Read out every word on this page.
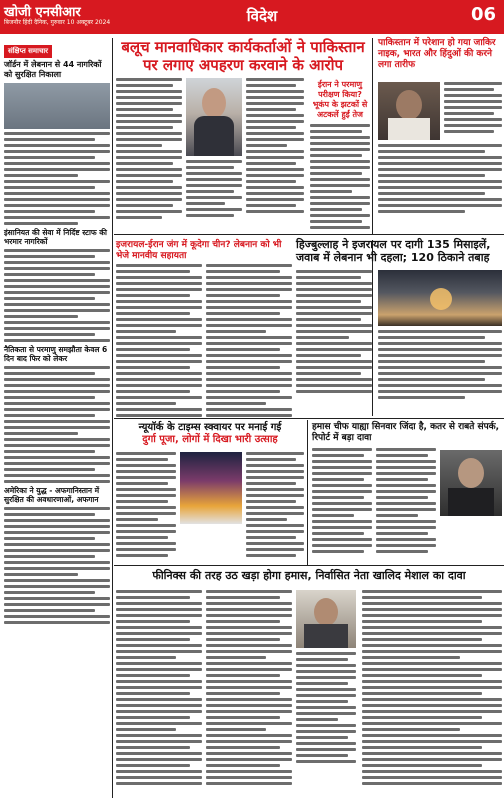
खोजी एनसीआर
बिजनौर हिंदी दैनिक, गुरुवार 10 अक्टूबर 2024	विदेश	06
संक्षिप्त समाचार
जॉर्डन में लेबनान से 44 नागरिकों को सुरक्षित निकाला
इंसानियत की सेवा में निर्दिष्ट स्टाफ की भरमार नागरिकों
नैतिकता से परमाणु समझौता केवल 6 दिन बाद फिर को लेकर
अमेरिका ने युद्ध - अफगानिस्तान में सुरक्षित की अवधारणाओं, अफगान
बलूच मानवाधिकार कार्यकर्ताओं ने पाकिस्तान
पर लगाए अपहरण करवाने के आरोप
ईरान ने परमाणु परीक्षण किया? भूकंप के झटकों से अटकलें हुईं तेज
पाकिस्तान में परेशान हो गया जाकिर नाइक, भारत और हिंदुओं की करने लगा तारीफ
इजरायल-ईरान जंग में कूदेगा चीन? लेबनान को भी भेजे मानवीय सहायता
हिज्बुल्लाह ने इजरायल पर दागी 135 मिसाइलें,
जवाब में लेबनान भी दहला; 120 ठिकाने तबाह
न्यूयॉर्क के टाइम्स स्क्वायर पर मनाई गई
दुर्गा पूजा, लोगों में दिखा भारी उत्साह
हमास चीफ याह्या सिनवार जिंदा है, कतर से राबते संपर्क, रिपोर्ट में बड़ा दावा
फीनिक्स की तरह उठ खड़ा होगा हमास, निर्वासित नेता खालिद मेशाल का दावा
